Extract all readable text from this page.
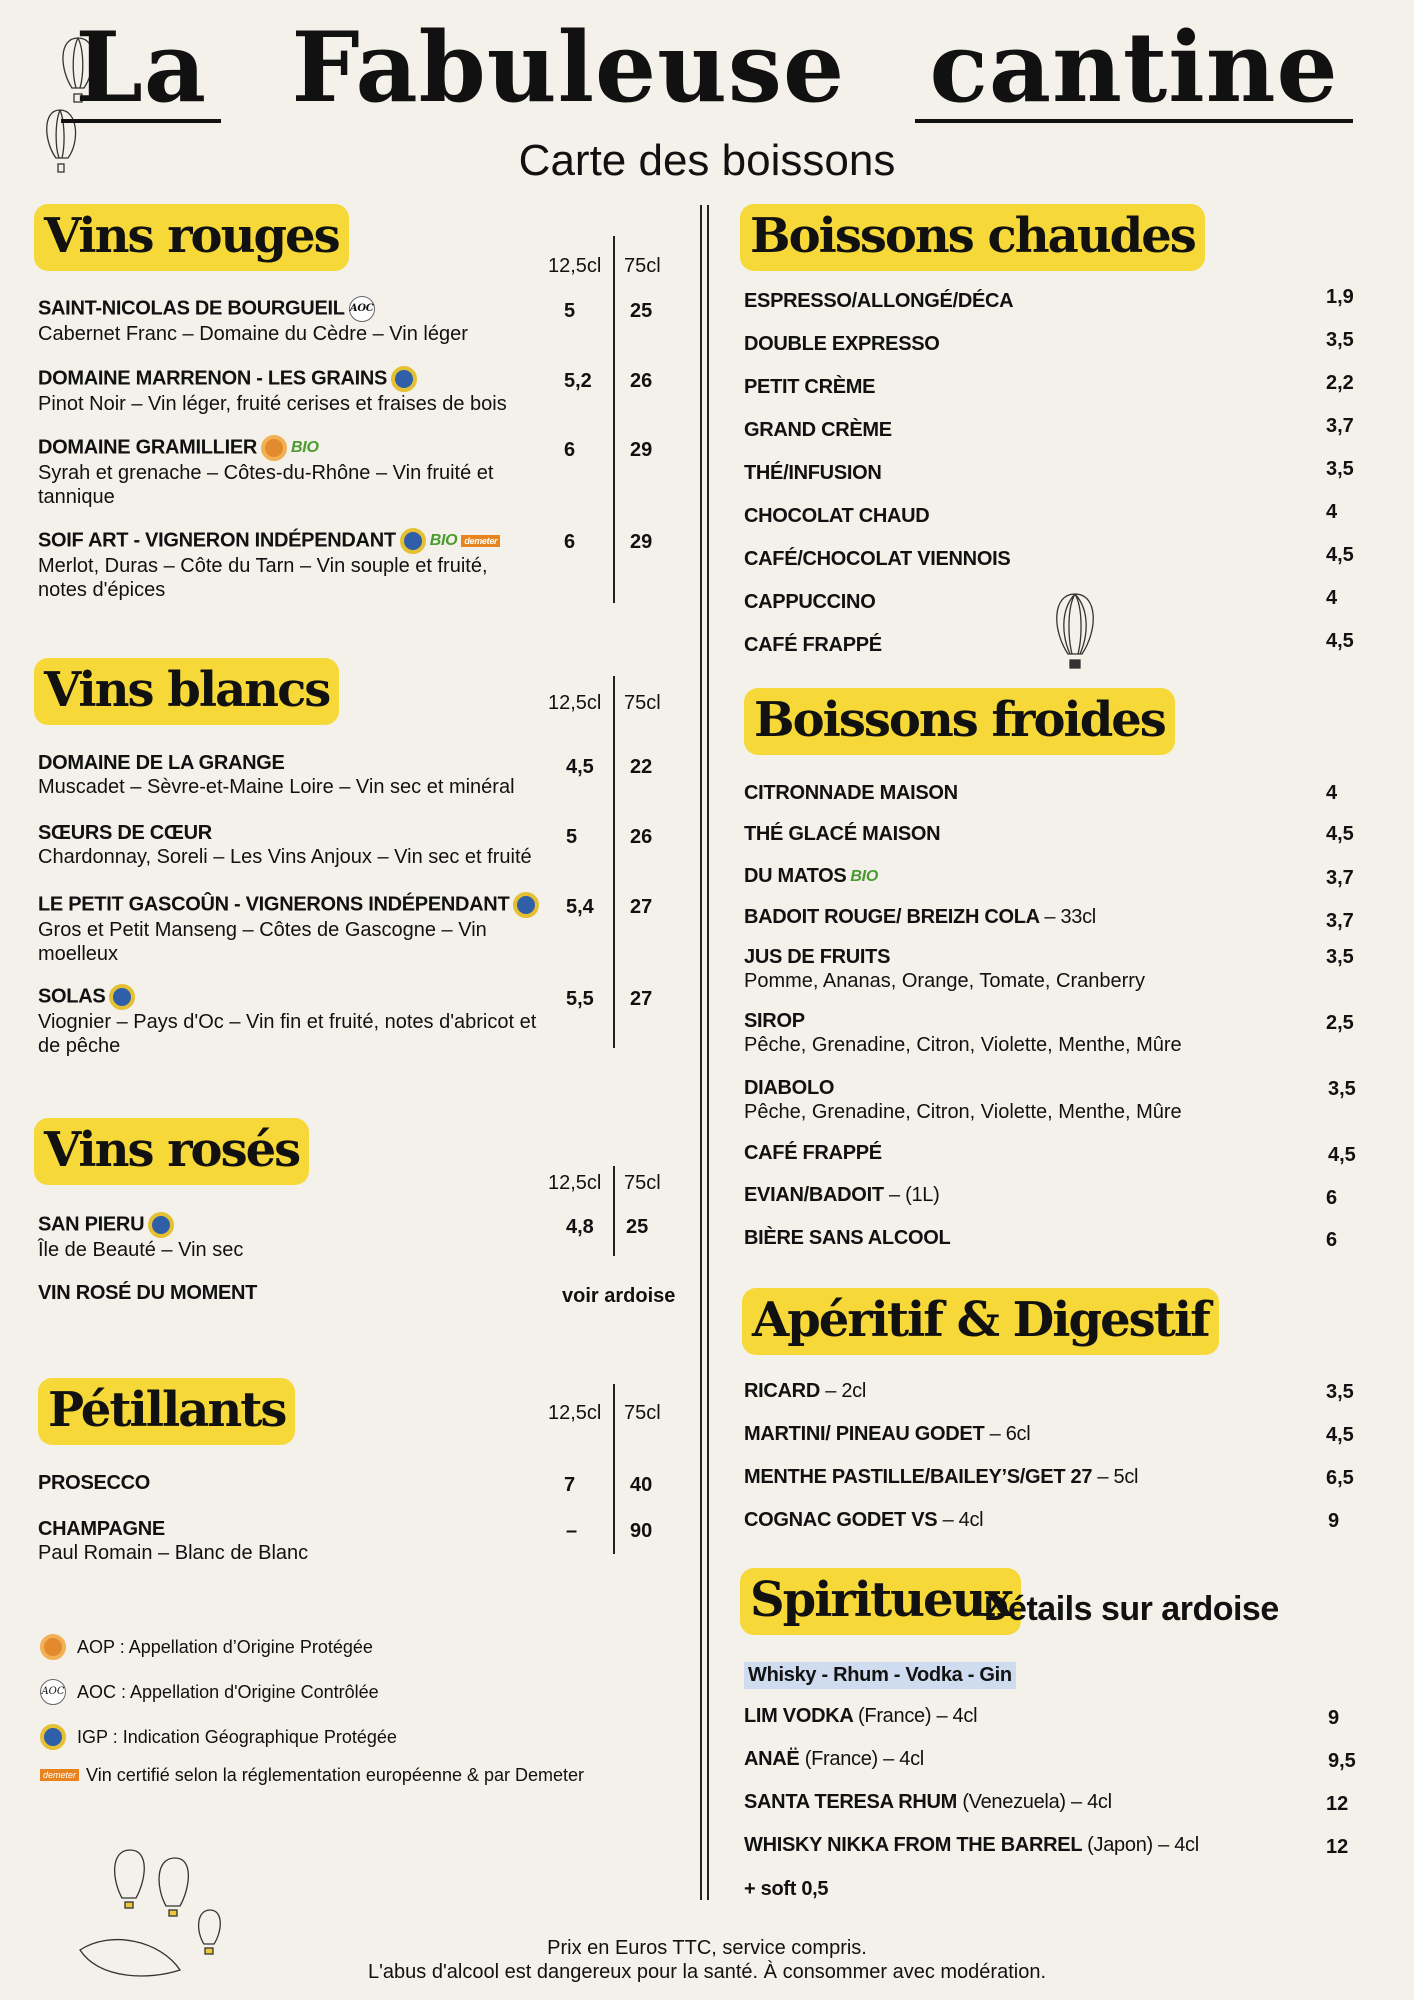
La Fabuleuse cantine
Carte des boissons
Vins rouges
12,5cl 75cl
SAINT-NICOLAS DE BOURGUEIL AOC
Cabernet Franc – Domaine du Cèdre – Vin léger
5	25
DOMAINE MARRENON - LES GRAINS
Pinot Noir – Vin léger, fruité cerises et fraises de bois
5,2 26
DOMAINE GRAMILLIER BIO
Syrah et grenache – Côtes-du-Rhône – Vin fruité et tannique
6	29
SOIF ART - VIGNERON INDÉPENDANT BIO demeter
Merlot, Duras – Côte du Tarn – Vin souple et fruité, notes d'épices
6	29
Vins blancs	12,5cl 75cl
DOMAINE DE LA GRANGE
Muscadet – Sèvre-et-Maine Loire – Vin sec et minéral
4,5 22
SŒURS DE CŒUR
Chardonnay, Soreli – Les Vins Anjoux – Vin sec et fruité
5	26
LE PETIT GASCOÛN - VIGNERONS INDÉPENDANT
Gros et Petit Manseng – Côtes de Gascogne – Vin moelleux
5,4 27
SOLAS
Viognier – Pays d'Oc – Vin fin et fruité, notes d'abricot et de pêche
5,5 27
Vins rosés
12,5cl 75cl
SAN PIERU
Île de Beauté – Vin sec
4,8 25
VIN ROSÉ DU MOMENT	voir ardoise
Pétillants	12,5cl 75cl
PROSECCO	7	40
CHAMPAGNE
Paul Romain – Blanc de Blanc
–	90
AOP : Appellation d’Origine Protégée
AOC AOC : Appellation d'Origine Contrôlée
IGP : Indication Géographique Protégée
demeter Vin certifié selon la réglementation européenne & par Demeter
Boissons chaudes
ESPRESSO/ALLONGÉ/DÉCA	1,9
DOUBLE EXPRESSO	3,5
PETIT CRÈME	2,2
GRAND CRÈME	3,7
THÉ/INFUSION	3,5
CHOCOLAT CHAUD	4
CAFÉ/CHOCOLAT VIENNOIS	4,5
CAPPUCCINO	4
CAFÉ FRAPPÉ	4,5
Boissons froides
CITRONNADE MAISON	4
THÉ GLACÉ MAISON	4,5
DU MATOS BIO	3,7
BADOIT ROUGE/ BREIZH COLA – 33cl	3,7
JUS DE FRUITS
Pomme, Ananas, Orange, Tomate, Cranberry
3,5
SIROP
Pêche, Grenadine, Citron, Violette, Menthe, Mûre
2,5
DIABOLO
Pêche, Grenadine, Citron, Violette, Menthe, Mûre
3,5
CAFÉ FRAPPÉ	4,5
EVIAN/BADOIT – (1L)	6
BIÈRE SANS ALCOOL	6
Apéritif & Digestif
RICARD – 2cl	3,5
MARTINI/ PINEAU GODET – 6cl	4,5
MENTHE PASTILLE/BAILEY’S/GET 27 – 5cl	6,5
COGNAC GODET VS – 4cl	9
Spiritueux
Détails sur ardoise
Whisky - Rhum - Vodka - Gin
LIM VODKA (France) – 4cl	9
ANAË (France) – 4cl	9,5
SANTA TERESA RHUM (Venezuela) – 4cl	12
WHISKY NIKKA FROM THE BARREL (Japon) – 4cl	12
+ soft 0,5
Prix en Euros TTC, service compris.
L'abus d'alcool est dangereux pour la santé. À consommer avec modération.
